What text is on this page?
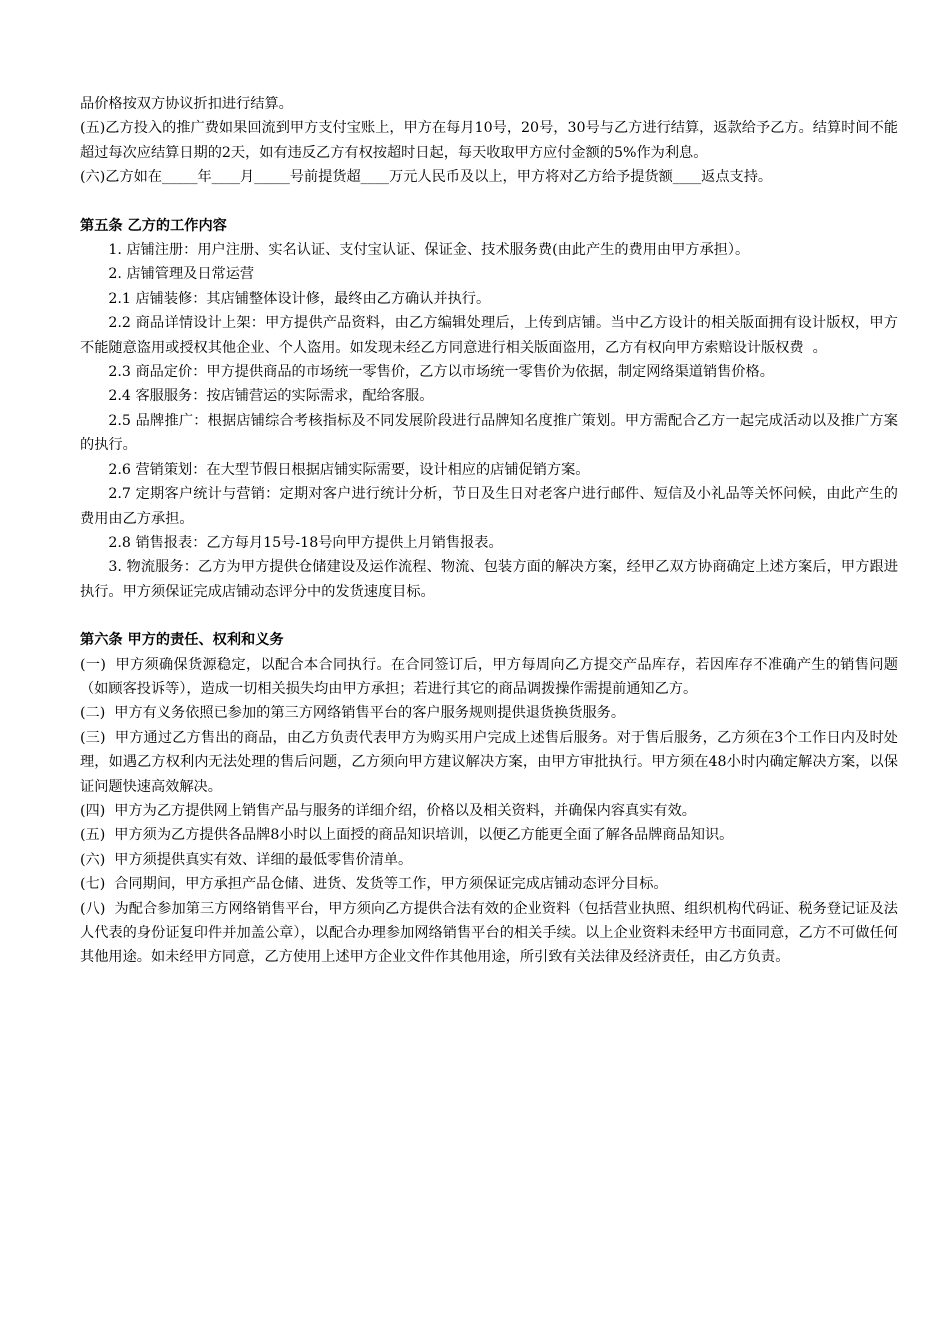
品价格按双方协议折扣进行结算。

(五)乙方投入的推广费如果回流到甲方支付宝账上，甲方在每月10号，20号，30号与乙方进行结算，返款给予乙方。结算时间不能超过每次应结算日期的2天，如有违反乙方有权按超时日起，每天收取甲方应付金额的5%作为利息。

(六)乙方如在_____年____月_____号前提货超____万元人民币及以上，甲方将对乙方给予提货额____返点支持。

第五条 乙方的工作内容

1. 店铺注册：用户注册、实名认证、支付宝认证、保证金、技术服务费(由此产生的费用由甲方承担）。

2. 店铺管理及日常运营

2.1 店铺装修：其店铺整体设计修，最终由乙方确认并执行。

2.2 商品详情设计上架：甲方提供产品资料，由乙方编辑处理后，上传到店铺。当中乙方设计的相关版面拥有设计版权，甲方不能随意盗用或授权其他企业、个人盗用。如发现未经乙方同意进行相关版面盗用，乙方有权向甲方索赔设计版权费  。

2.3 商品定价：甲方提供商品的市场统一零售价，乙方以市场统一零售价为依据，制定网络渠道销售价格。

2.4 客服服务：按店铺营运的实际需求，配给客服。

2.5 品牌推广：根据店铺综合考核指标及不同发展阶段进行品牌知名度推广策划。甲方需配合乙方一起完成活动以及推广方案的执行。

2.6 营销策划：在大型节假日根据店铺实际需要，设计相应的店铺促销方案。

2.7 定期客户统计与营销：定期对客户进行统计分析，节日及生日对老客户进行邮件、短信及小礼品等关怀问候，由此产生的费用由乙方承担。

2.8 销售报表：乙方每月15号-18号向甲方提供上月销售报表。

3. 物流服务：乙方为甲方提供仓储建设及运作流程、物流、包装方面的解决方案，经甲乙双方协商确定上述方案后，甲方跟进执行。甲方须保证完成店铺动态评分中的发货速度目标。

第六条 甲方的责任、权利和义务

(一)  甲方须确保货源稳定，以配合本合同执行。在合同签订后，甲方每周向乙方提交产品库存，若因库存不准确产生的销售问题（如顾客投诉等），造成一切相关损失均由甲方承担；若进行其它的商品调拨操作需提前通知乙方。

(二)  甲方有义务依照已参加的第三方网络销售平台的客户服务规则提供退货换货服务。

(三)  甲方通过乙方售出的商品，由乙方负责代表甲方为购买用户完成上述售后服务。对于售后服务，乙方须在3个工作日内及时处理，如遇乙方权利内无法处理的售后问题，乙方须向甲方建议解决方案，由甲方审批执行。甲方须在48小时内确定解决方案，以保证问题快速高效解决。

(四)  甲方为乙方提供网上销售产品与服务的详细介绍，价格以及相关资料，并确保内容真实有效。

(五)  甲方须为乙方提供各品牌8小时以上面授的商品知识培训，以便乙方能更全面了解各品牌商品知识。

(六)  甲方须提供真实有效、详细的最低零售价清单。

(七)  合同期间，甲方承担产品仓储、进货、发货等工作，甲方须保证完成店铺动态评分目标。

(八)  为配合参加第三方网络销售平台，甲方须向乙方提供合法有效的企业资料（包括营业执照、组织机构代码证、税务登记证及法人代表的身份证复印件并加盖公章），以配合办理参加网络销售平台的相关手续。以上企业资料未经甲方书面同意，乙方不可做任何其他用途。如未经甲方同意，乙方使用上述甲方企业文件作其他用途，所引致有关法律及经济责任，由乙方负责。
